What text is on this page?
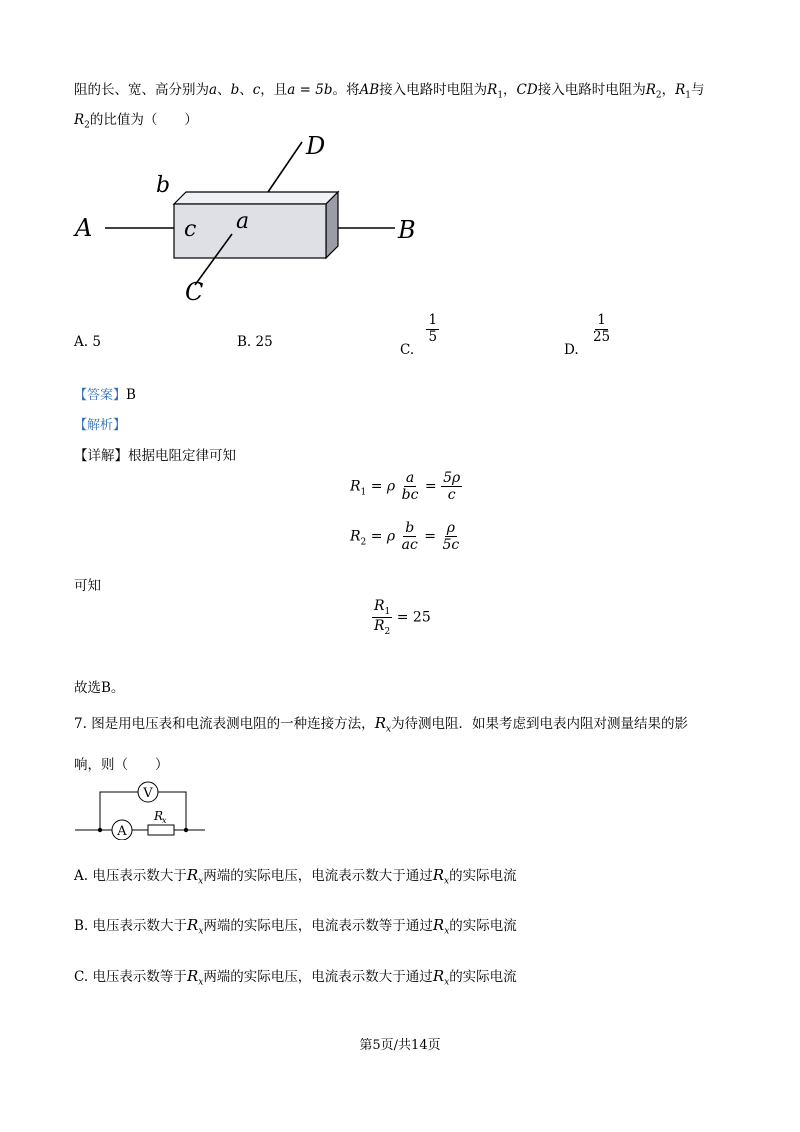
阻的长、宽、高分别为a、b、c，且a = 5b。将AB接入电路时电阻为$R_1$，CD接入电路时电阻为$R_2$，$R_1$与
$R_2$的比值为（　　）
D
b
A	c a	B
C
A. 5	B. 25	C.
$\frac{1}{5}$
D.
$\frac{1}{25}$
【答案】B
【解析】
【详解】根据电阻定律可知
$R_1 = \rho \frac{a}{bc} = \frac{5\rho}{c}$
$R_2 = \rho \frac{b}{ac} = \frac{\rho}{5c}$
可知
$\frac{R_1}{R_2} = 25$
故选B。
7. 图是用电压表和电流表测电阻的一种连接方法，$R_x$为待测电阻．如果考虑到电表内阻对测量结果的影
响，则（　　）
V
A
R
x
A. 电压表示数大于$R_x$两端的实际电压，电流表示数大于通过$R_x$的实际电流
B. 电压表示数大于$R_x$两端的实际电压，电流表示数等于通过$R_x$的实际电流
C. 电压表示数等于$R_x$两端的实际电压，电流表示数大于通过$R_x$的实际电流
第5页/共14页
